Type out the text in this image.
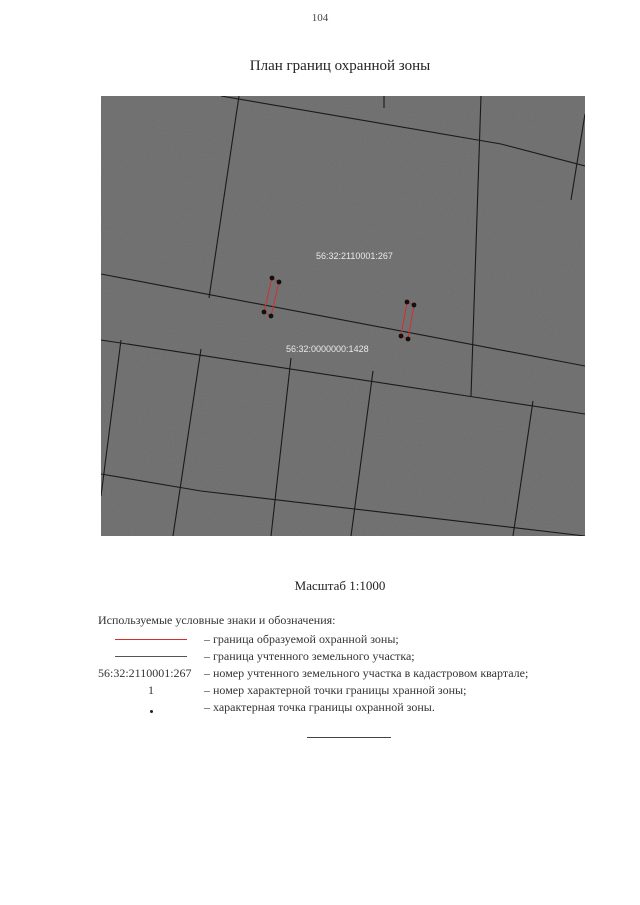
104
План границ охранной зоны
56:32:2110001:267
56:32:0000000:1428
Масштаб 1:1000
Используемые условные знаки и обозначения:
– граница образуемой охранной зоны;
– граница учтенного земельного участка;
56:32:2110001:267	– номер учтенного земельного участка в кадастровом квартале;
1	– номер характерной точки границы хранной зоны;
– характерная точка границы охранной зоны.
